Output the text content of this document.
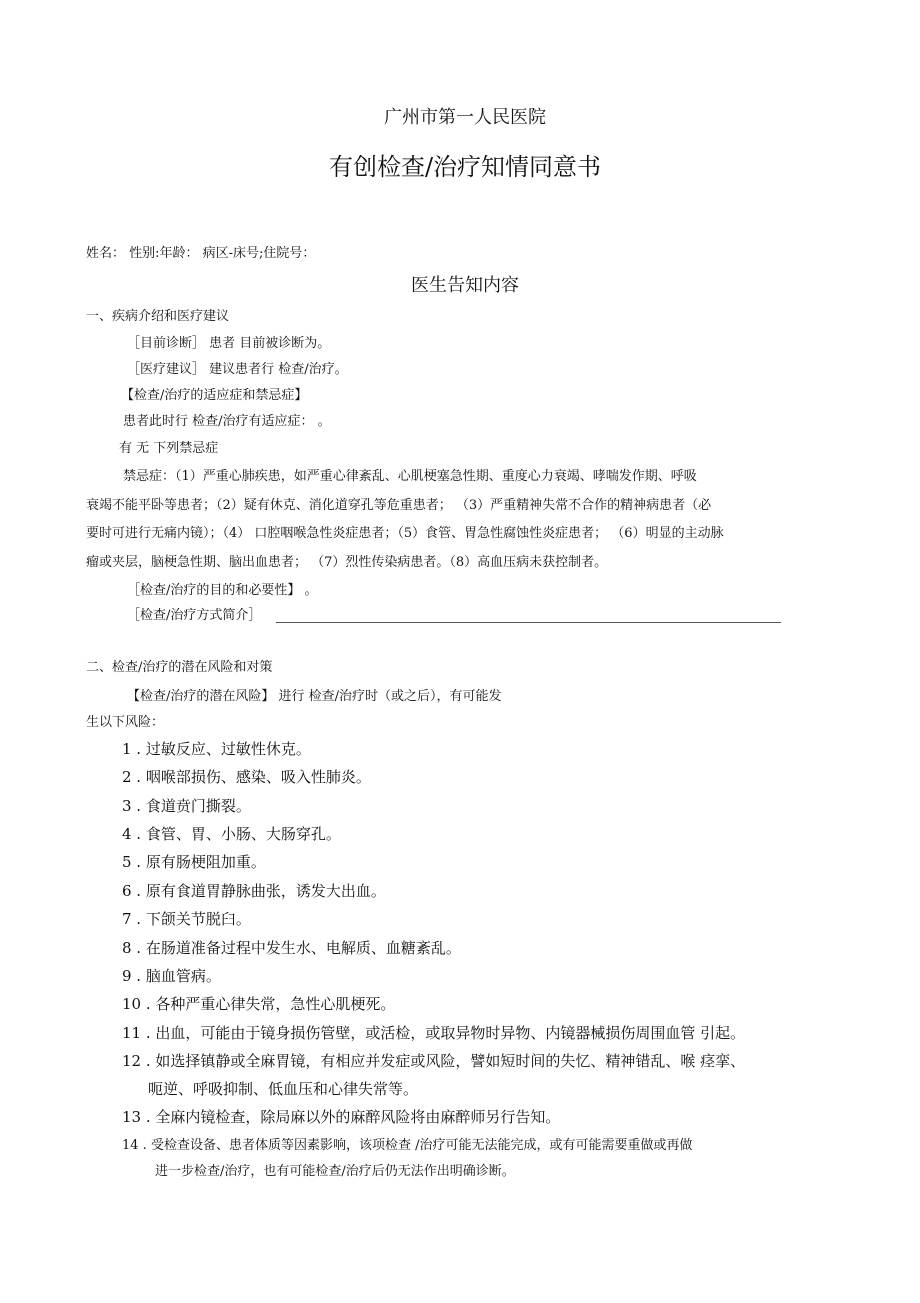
广州市第一人民医院
有创检查/治疗知情同意书
姓名： 性别:年龄： 病区-床号;住院号：
医生告知内容
一、疾病介绍和医疗建议
［目前诊断］ 患者 目前被诊断为。
［医疗建议］ 建议患者行 检查/治疗。
【检查/治疗的适应症和禁忌症】
患者此时行 检查/治疗有适应症： 。
有 无 下列禁忌症
禁忌症：（1）严重心肺疾患，如严重心律紊乱、心肌梗塞急性期、重度心力衰竭、哮喘发作期、呼吸
衰竭不能平卧等患者；（2）疑有休克、消化道穿孔等危重患者； （3）严重精神失常不合作的精神病患者（必
要时可进行无痛内镜）；（4） 口腔咽喉急性炎症患者；（5）食管、胃急性腐蚀性炎症患者； （6）明显的主动脉
瘤或夹层，脑梗急性期、脑出血患者； （7）烈性传染病患者。（8）高血压病未获控制者。
［检查/治疗的目的和必要性】 。
［检查/治疗方式简介］
二、检查/治疗的潜在风险和对策
【检查/治疗的潜在风险】 进行 检查/治疗时（或之后），有可能发
生以下风险：
1 . 过敏反应、过敏性休克。
2 . 咽喉部损伤、感染、吸入性肺炎。
3 . 食道贲门撕裂。
4 . 食管、胃、小肠、大肠穿孔。
5 . 原有肠梗阻加重。
6 . 原有食道胃静脉曲张，诱发大出血。
7 . 下颌关节脱臼。
8 . 在肠道准备过程中发生水、电解质、血糖紊乱。
9 . 脑血管病。
10 . 各种严重心律失常，急性心肌梗死。
11 . 出血，可能由于镜身损伤管壁，或活检，或取异物时异物、内镜器械损伤周围血管 引起。
12 . 如选择镇静或全麻胃镜，有相应并发症或风险，譬如短时间的失忆、精神错乱、喉 痉挛、
呃逆、呼吸抑制、低血压和心律失常等。
13 . 全麻内镜检查，除局麻以外的麻醉风险将由麻醉师另行告知。
14 . 受检查设备、患者体质等因素影响，该项检查 /治疗可能无法能完成，或有可能需要重做或再做
进一步检查/治疗，也有可能检查/治疗后仍无法作出明确诊断。
